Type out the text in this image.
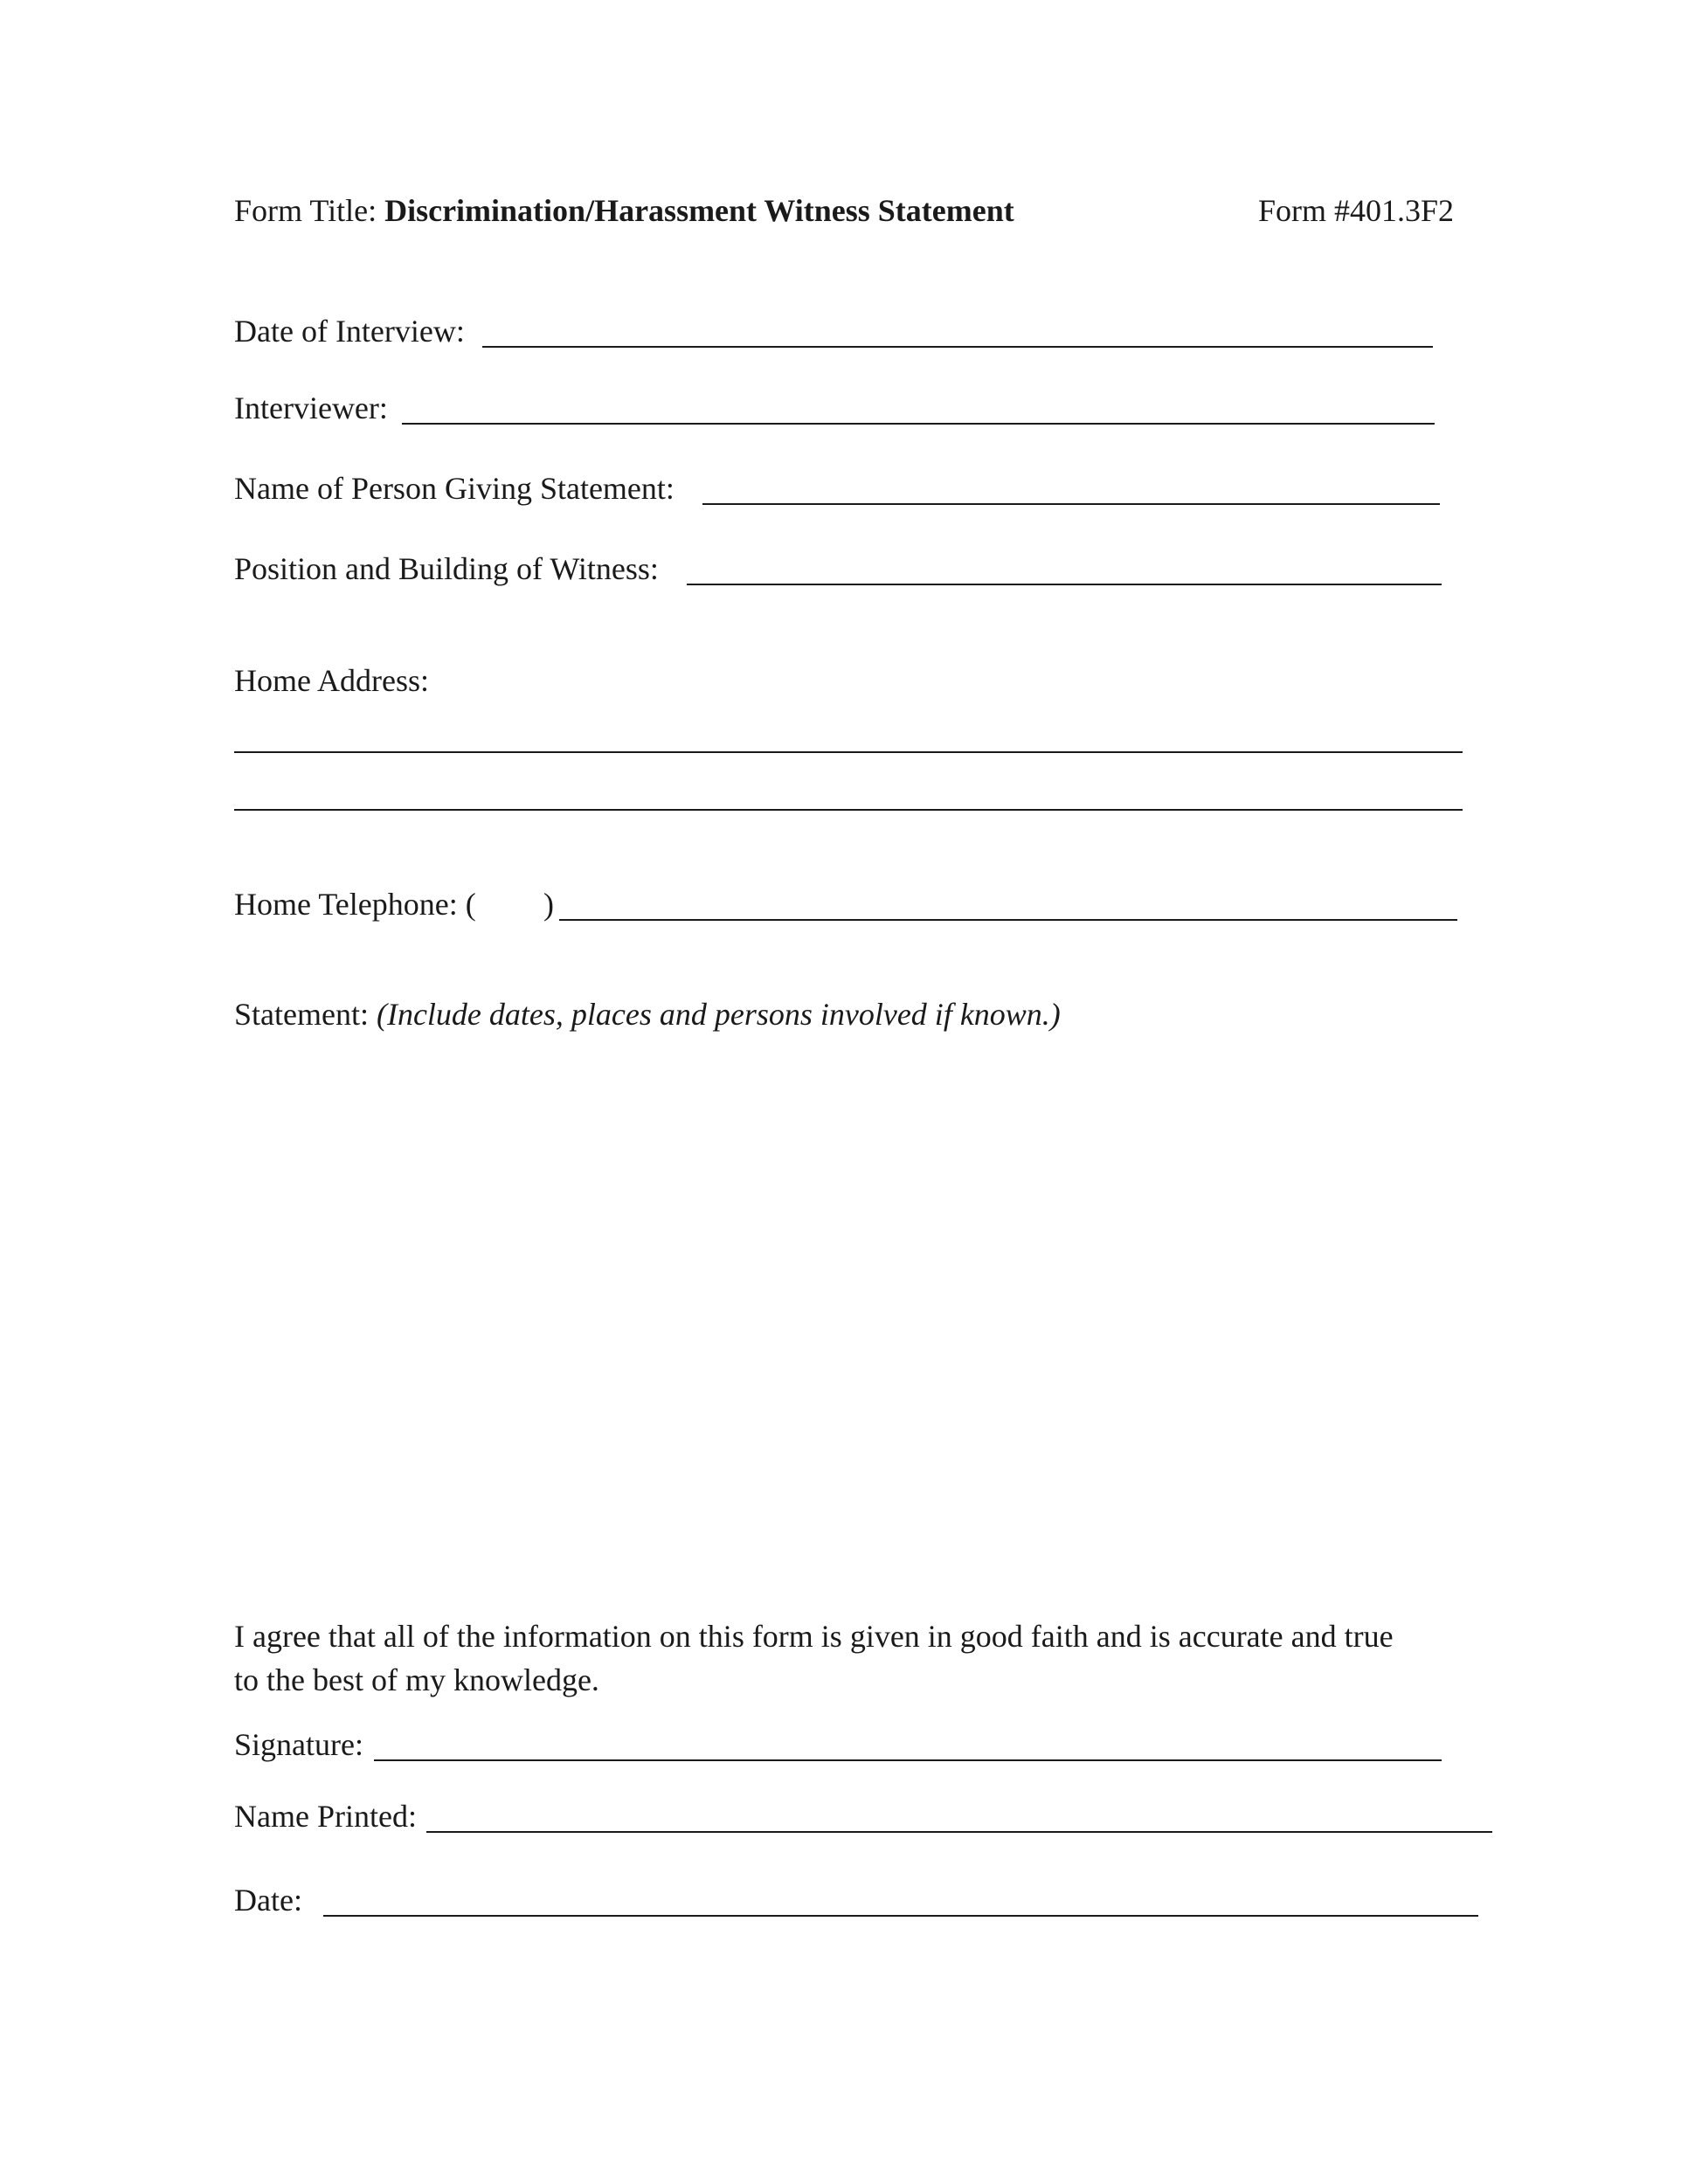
Form Title: Discrimination/Harassment Witness Statement	Form #401.3F2
Date of Interview:
Interviewer:
Name of Person Giving Statement:
Position and Building of Witness:
Home Address:
Home Telephone: ( )
Statement: (Include dates, places and persons involved if known.)
I agree that all of the information on this form is given in good faith and is accurate and true
to the best of my knowledge.
Signature:
Name Printed:
Date:
